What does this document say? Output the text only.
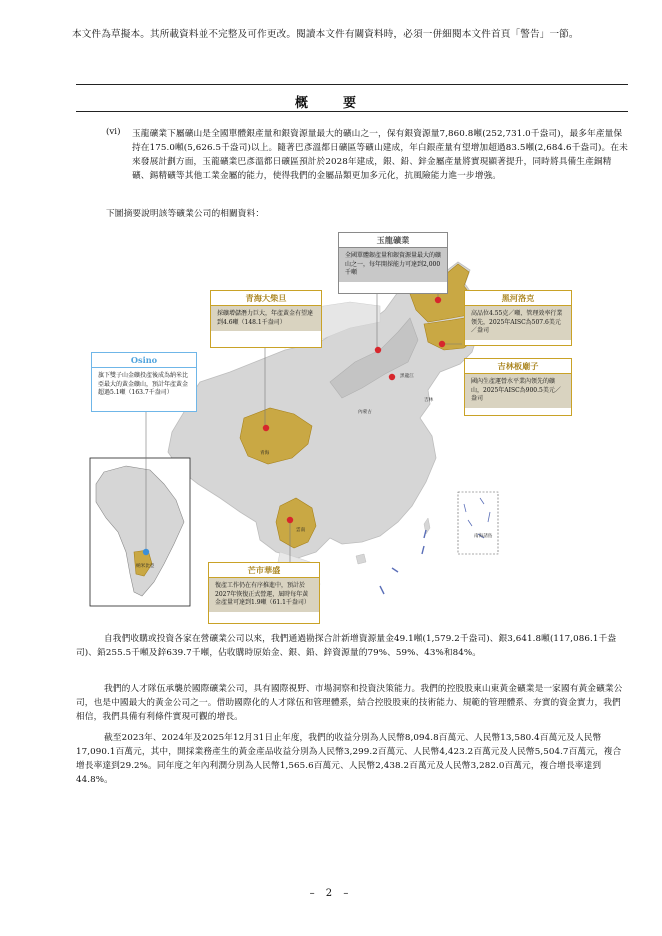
本文件為草擬本。其所載資料並不完整及可作更改。閱讀本文件有關資料時，必須一併細閱本文件首頁「警告」一節。
概　要
(vi) 玉龍礦業下屬礦山是全國單體銀產量和銀資源量最大的礦山之一，保有銀資源量7,860.8噸(252,731.0千盎司)，最多年產量保持在175.0噸(5,626.5千盎司)以上。隨著巴彥溫都日礦區等礦山建成，年白銀產量有望增加超過83.5噸(2,684.6千盎司)。在未來發展計劃方面，玉龍礦業巴彥溫都日礦區預計於2028年建成，銀、鉛、鋅金屬產量將實現顯著提升，同時將具備生產銅精礦、錫精礦等其他工業金屬的能力，使得我們的金屬品類更加多元化，抗風險能力進一步增強。
下圖摘要說明該等礦業公司的相關資料：
青海
雲南
內蒙古
黑龍江
吉林
納米比亞
南海諸島
玉龍礦業
全國單體銀產量和銀資源量最大的礦山之一，每年開採能力可達到2,000千噸
青海大柴旦
採礦增儲潛力巨大，年產黃金有望達到4.6噸（148.1千盎司）
Osino
旗下雙子山金礦投產後成為納米比亞最大的黃金礦山，預計年產黃金超過5.1噸（163.7千盎司）
黑河洛克
高品位4.55克／噸、管理效率行業領先，2025年AISC為507.6美元／盎司
吉林板廟子
國內生產運營水平業內領先的礦山，2025年AISC為900.5美元／盎司
芒市華盛
復產工作仍在有序推進中，預計於2027年恢復正式營運，屆時每年黃金產量可達到1.9噸（61.1千盎司）
自我們收購或投資各家在營礦業公司以來，我們通過勘探合計新增資源量金49.1噸(1,579.2千盎司)、銀3,641.8噸(117,086.1千盎司)、鉛255.5千噸及鋅639.7千噸，佔收購時原始金、銀、鉛、鋅資源量的79%、59%、43%和84%。
我們的人才隊伍承襲於國際礦業公司，具有國際視野、市場洞察和投資決策能力。我們的控股股東山東黃金礦業是一家國有黃金礦業公司，也是中國最大的黃金公司之一。借助國際化的人才隊伍和管理體系，結合控股股東的技術能力、規範的管理體系、夯實的資金實力，我們相信，我們具備有利條件實現可觀的增長。
截至2023年、2024年及2025年12月31日止年度，我們的收益分別為人民幣8,094.8百萬元、人民幣13,580.4百萬元及人民幣17,090.1百萬元，其中，開採業務產生的黃金產品收益分別為人民幣3,299.2百萬元、人民幣4,423.2百萬元及人民幣5,504.7百萬元，複合增長率達到29.2%。同年度之年內利潤分別為人民幣1,565.6百萬元、人民幣2,438.2百萬元及人民幣3,282.0百萬元，複合增長率達到44.8%。
– 2 –
